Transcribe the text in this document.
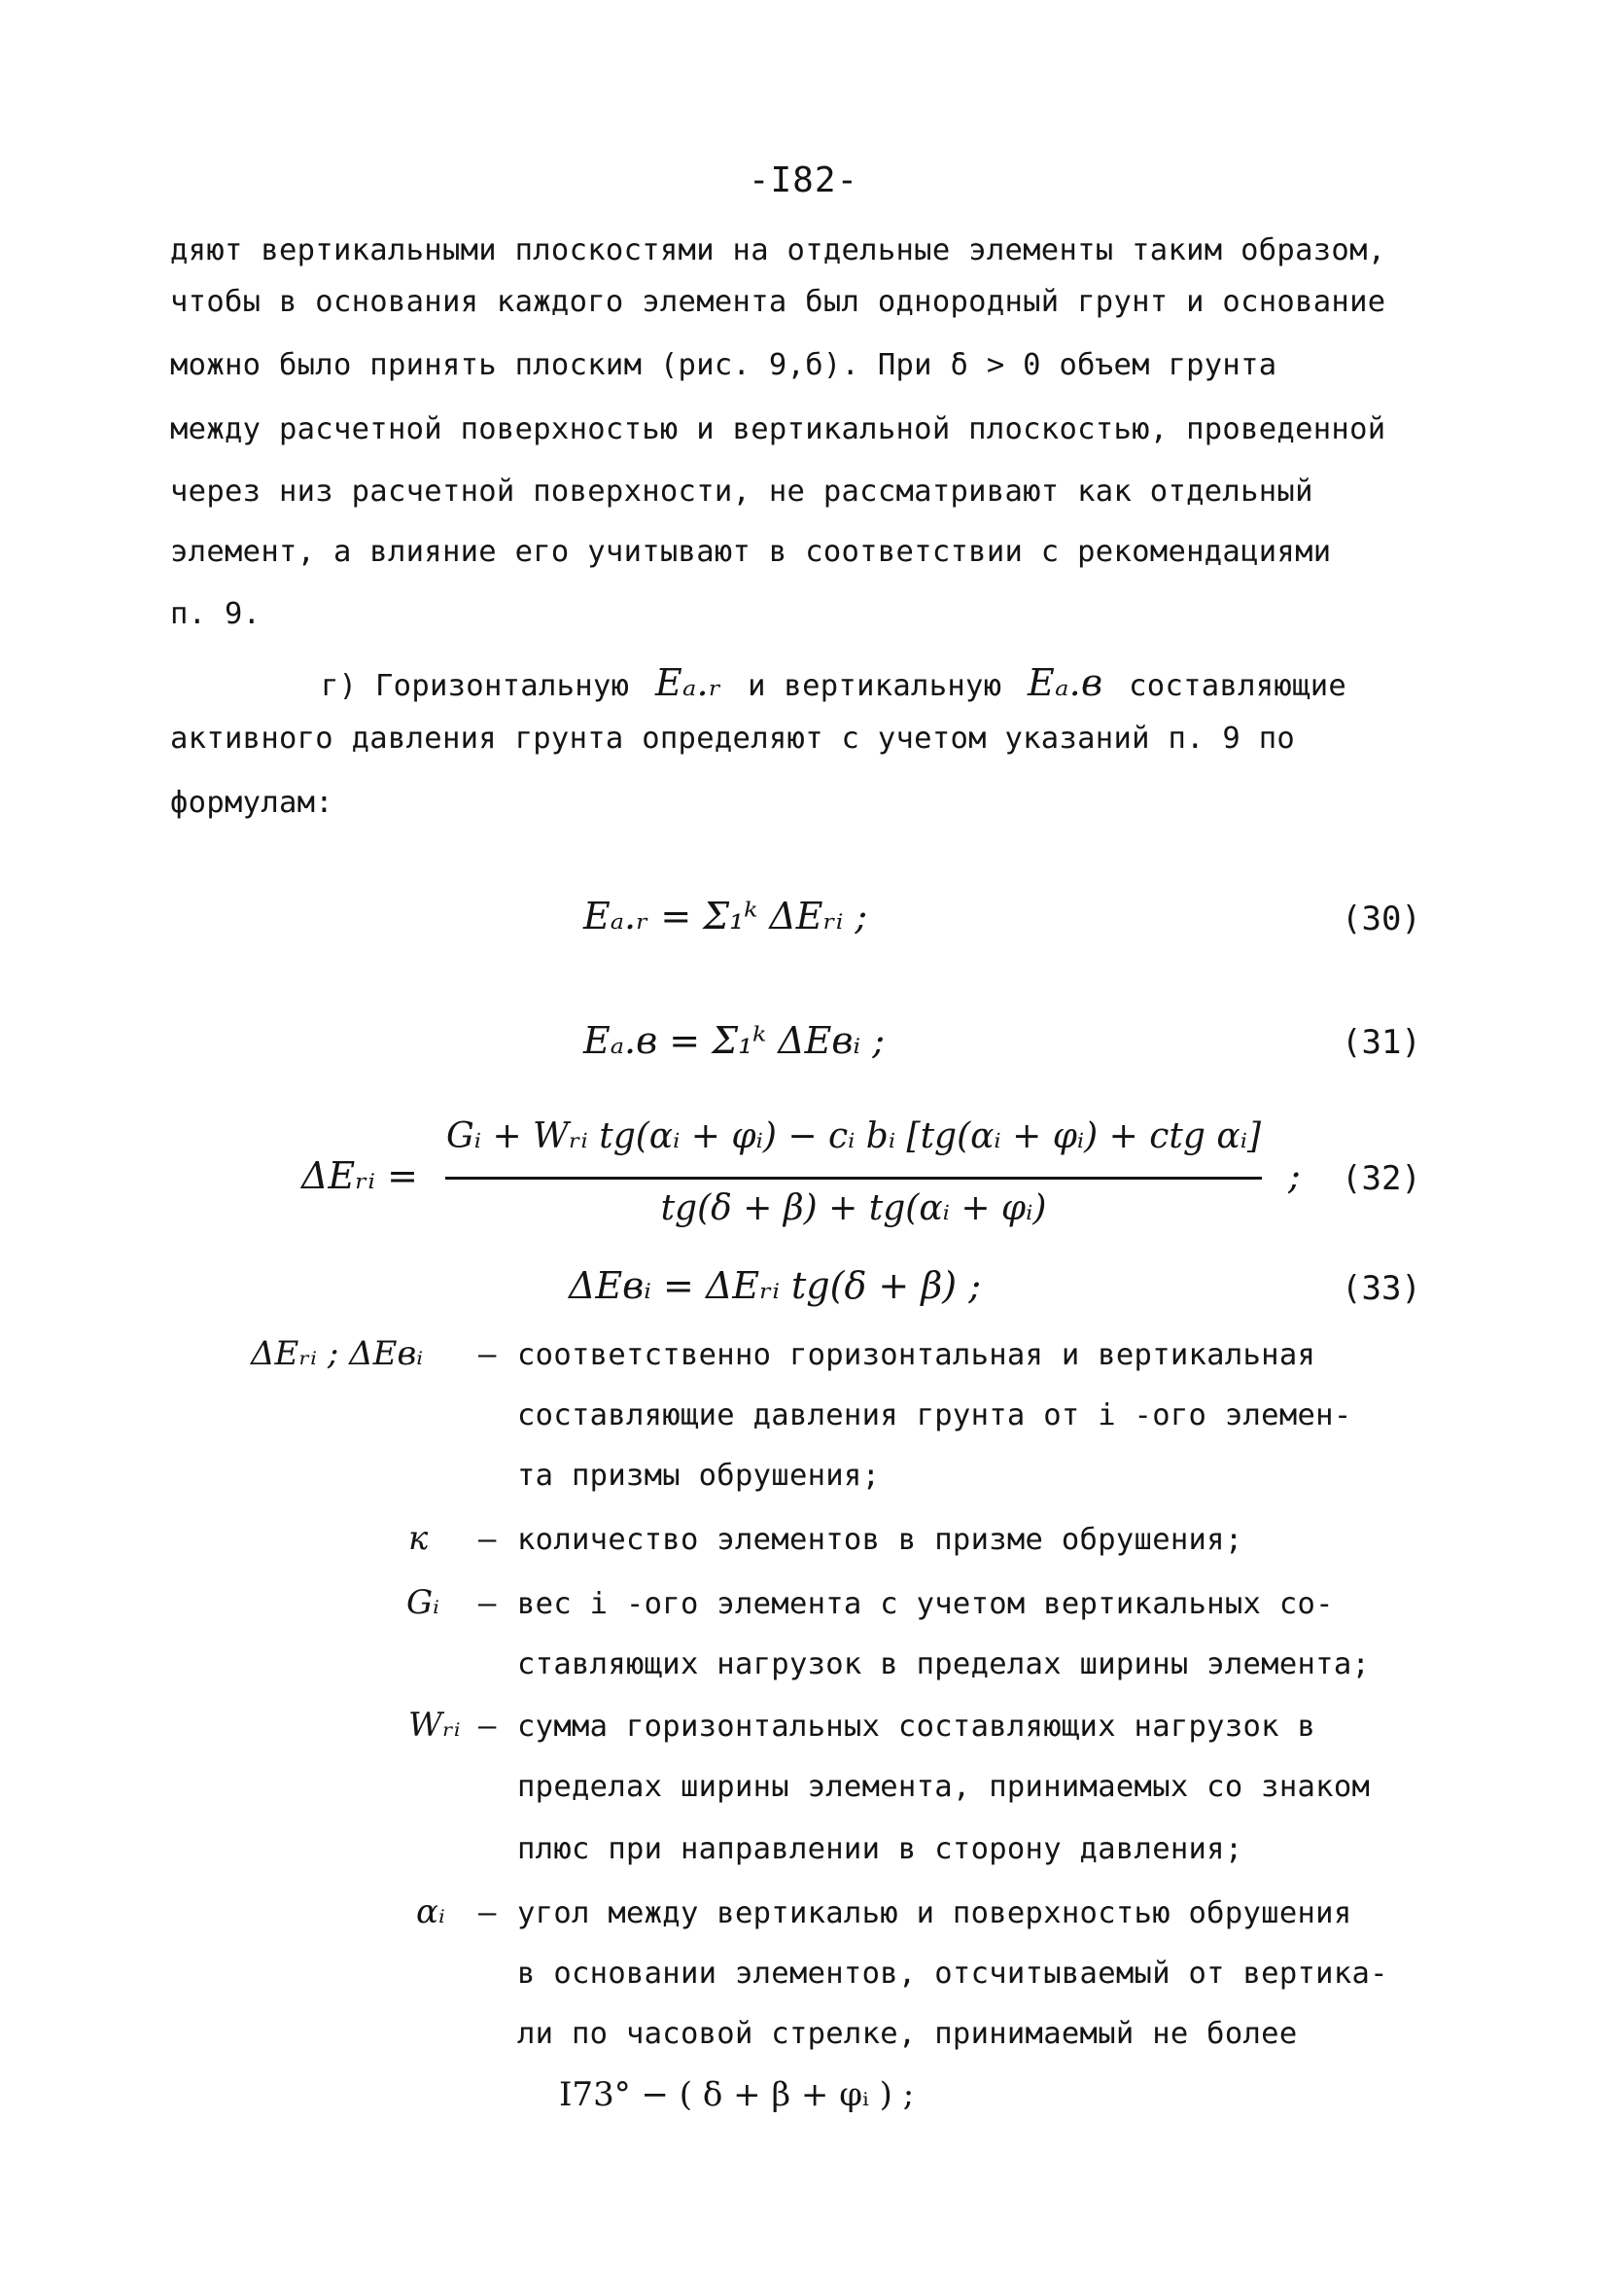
-I82-
дяют вертикальными плоскостями на отдельные элементы таким образом,
чтобы в основания каждого элемента был однородный грунт и основание
можно было принять плоским (рис. 9,б). При δ > 0 объем грунта
между расчетной поверхностью и вертикальной плоскостью, проведенной
через низ расчетной поверхности, не рассматривают как отдельный
элемент, а влияние его учитывают в соответствии с рекомендациями
п. 9.
г) Горизонтальную Eₐ.ᵣ и вертикальную Eₐ.в составляющие
активного давления грунта определяют с учетом указаний п. 9 по
формулам:
Eₐ.ᵣ = Σ₁ᵏ ΔEᵣᵢ ;	(30)
Eₐ.в = Σ₁ᵏ ΔEвᵢ ;	(31)
ΔEᵣᵢ =
Gᵢ + Wᵣᵢ tg(αᵢ + φᵢ) − cᵢ bᵢ [tg(αᵢ + φᵢ) + ctg αᵢ]
tg(δ + β) + tg(αᵢ + φᵢ)
; (32)
ΔEвᵢ = ΔEᵣᵢ tg(δ + β) ;	(33)
ΔEᵣᵢ ; ΔEвᵢ – соответственно горизонтальная и вертикальная
составляющие давления грунта от i -ого элемен-
та призмы обрушения;
к – количество элементов в призме обрушения;
Gᵢ – вес i -ого элемента с учетом вертикальных со-
ставляющих нагрузок в пределах ширины элемента;
Wᵣᵢ – сумма горизонтальных составляющих нагрузок в
пределах ширины элемента, принимаемых со знаком
плюс при направлении в сторону давления;
αᵢ – угол между вертикалью и поверхностью обрушения
в основании элементов, отсчитываемый от вертика-
ли по часовой стрелке, принимаемый не более
I73° − ( δ + β + φᵢ ) ;
